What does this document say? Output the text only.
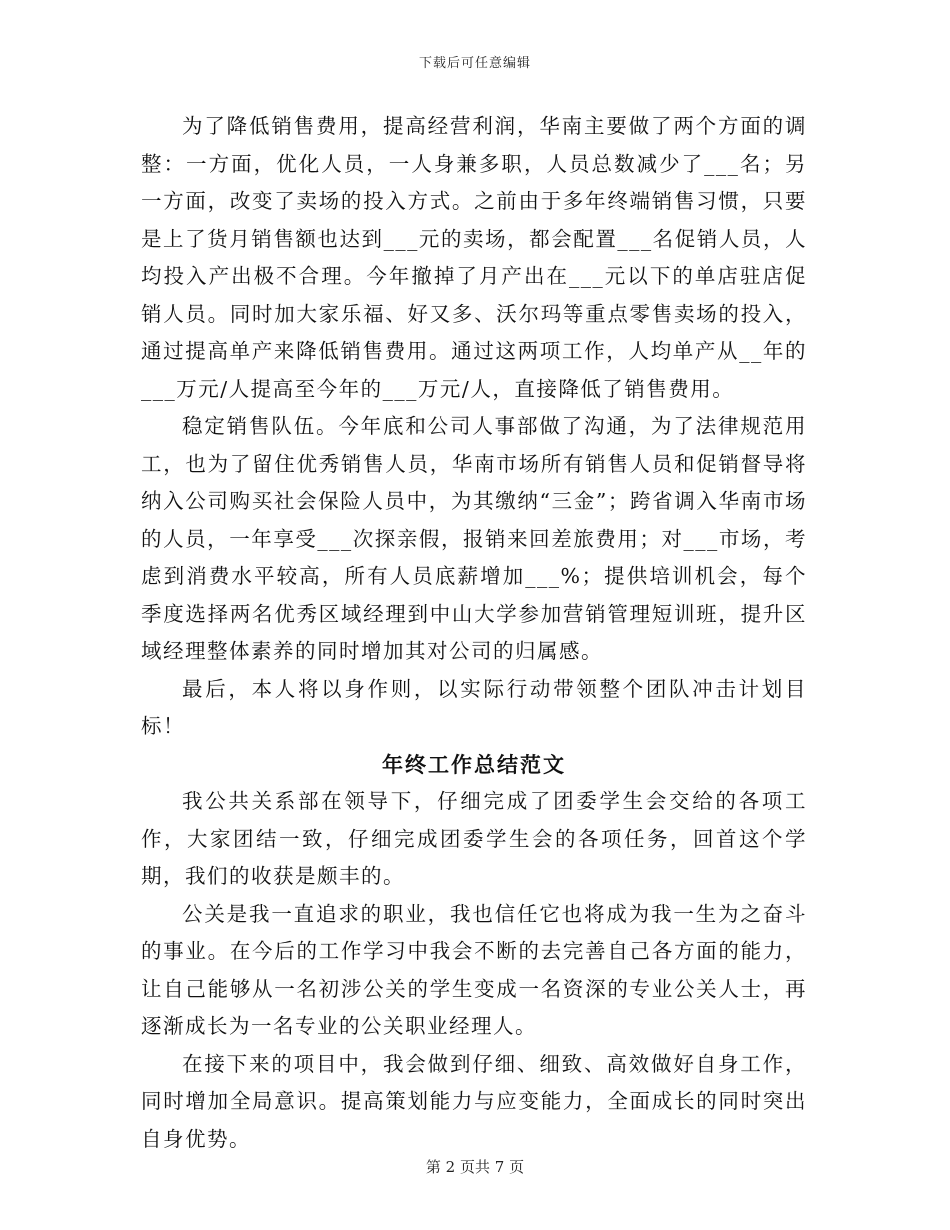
下载后可任意编辑

为了降低销售费用，提高经营利润，华南主要做了两个方面的调整：一方面，优化人员，一人身兼多职，人员总数减少了___名；另一方面，改变了卖场的投入方式。之前由于多年终端销售习惯，只要是上了货月销售额也达到___元的卖场，都会配置___名促销人员，人均投入产出极不合理。今年撤掉了月产出在___元以下的单店驻店促销人员。同时加大家乐福、好又多、沃尔玛等重点零售卖场的投入，通过提高单产来降低销售费用。通过这两项工作，人均单产从__年的___万元/人提高至今年的___万元/人，直接降低了销售费用。

稳定销售队伍。今年底和公司人事部做了沟通，为了法律规范用工，也为了留住优秀销售人员，华南市场所有销售人员和促销督导将纳入公司购买社会保险人员中，为其缴纳“三金”；跨省调入华南市场的人员，一年享受___次探亲假，报销来回差旅费用；对___市场，考虑到消费水平较高，所有人员底薪增加___%；提供培训机会，每个季度选择两名优秀区域经理到中山大学参加营销管理短训班，提升区域经理整体素养的同时增加其对公司的归属感。

最后，本人将以身作则，以实际行动带领整个团队冲击计划目标！

年终工作总结范文

我公共关系部在领导下，仔细完成了团委学生会交给的各项工作，大家团结一致，仔细完成团委学生会的各项任务，回首这个学期，我们的收获是颇丰的。

公关是我一直追求的职业，我也信任它也将成为我一生为之奋斗的事业。在今后的工作学习中我会不断的去完善自己各方面的能力，让自己能够从一名初涉公关的学生变成一名资深的专业公关人士，再逐渐成长为一名专业的公关职业经理人。

在接下来的项目中，我会做到仔细、细致、高效做好自身工作，同时增加全局意识。提高策划能力与应变能力，全面成长的同时突出自身优势。

第 2 页共 7 页
